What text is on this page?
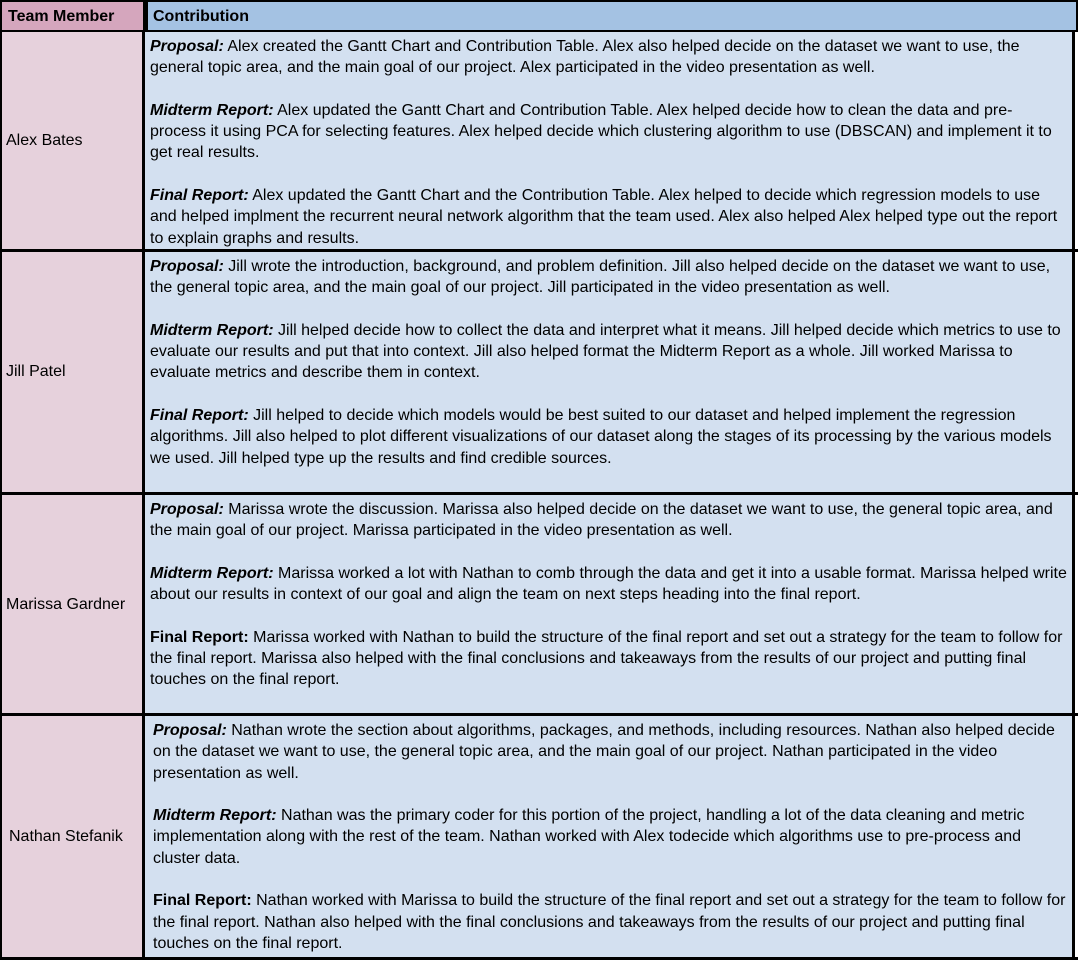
Team Member	Contribution
Alex Bates

Proposal: Alex created the Gantt Chart and Contribution Table. Alex also helped decide on the dataset we want to use, the general topic area, and the main goal of our project. Alex participated in the video presentation as well.

Midterm Report: Alex updated the Gantt Chart and Contribution Table. Alex helped decide how to clean the data and pre-process it using PCA for selecting features. Alex helped decide which clustering algorithm to use (DBSCAN) and implement it to get real results.

Final Report: Alex updated the Gantt Chart and the Contribution Table. Alex helped to decide which regression models to use and helped implment the recurrent neural network algorithm that the team used. Alex also helped Alex helped type out the report to explain graphs and results.

Jill Patel

Proposal: Jill wrote the introduction, background, and problem definition. Jill also helped decide on the dataset we want to use, the general topic area, and the main goal of our project. Jill participated in the video presentation as well.

Midterm Report: Jill helped decide how to collect the data and interpret what it means. Jill helped decide which metrics to use to evaluate our results and put that into context. Jill also helped format the Midterm Report as a whole. Jill worked Marissa to evaluate metrics and describe them in context.

Final Report: Jill helped to decide which models would be best suited to our dataset and helped implement the regression algorithms. Jill also helped to plot different visualizations of our dataset along the stages of its processing by the various models we used. Jill helped type up the results and find credible sources.

Marissa Gardner

Proposal: Marissa wrote the discussion. Marissa also helped decide on the dataset we want to use, the general topic area, and the main goal of our project. Marissa participated in the video presentation as well.

Midterm Report: Marissa worked a lot with Nathan to comb through the data and get it into a usable format. Marissa helped write about our results in context of our goal and align the team on next steps heading into the final report.

Final Report: Marissa worked with Nathan to build the structure of the final report and set out a strategy for the team to follow for the final report. Marissa also helped with the final conclusions and takeaways from the results of our project and putting final touches on the final report.

Nathan Stefanik

Proposal: Nathan wrote the section about algorithms, packages, and methods, including resources. Nathan also helped decide on the dataset we want to use, the general topic area, and the main goal of our project. Nathan participated in the video presentation as well.

Midterm Report: Nathan was the primary coder for this portion of the project, handling a lot of the data cleaning and metric implementation along with the rest of the team. Nathan worked with Alex todecide which algorithms use to pre-process and cluster data.

Final Report: Nathan worked with Marissa to build the structure of the final report and set out a strategy for the team to follow for the final report. Nathan also helped with the final conclusions and takeaways from the results of our project and putting final touches on the final report.
